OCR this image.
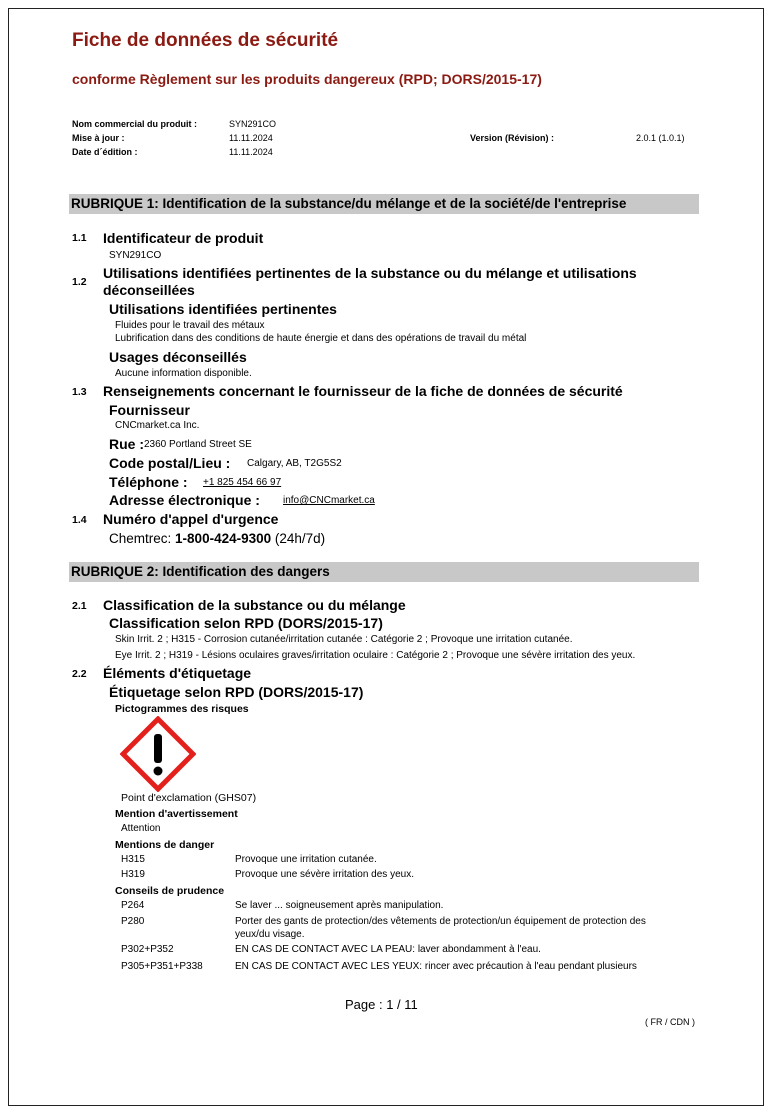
Fiche de données de sécurité
conforme Règlement sur les produits dangereux (RPD; DORS/2015-17)
Nom commercial du produit :	SYN291CO
Mise à jour :	11.11.2024
Date d´édition :	11.11.2024
Version (Révision) :	2.0.1 (1.0.1)
RUBRIQUE 1: Identification de la substance/du mélange et de la société/de l'entreprise
1.1 Identificateur de produit
SYN291CO
1.2
Utilisations identifiées pertinentes de la substance ou du mélange et utilisations
déconseillées
Utilisations identifiées pertinentes
Fluides pour le travail des métaux
Lubrification dans des conditions de haute énergie et dans des opérations de travail du métal
Usages déconseillés
Aucune information disponible.
1.3 Renseignements concernant le fournisseur de la fiche de données de sécurité
Fournisseur
CNCmarket.ca Inc.
Rue : 2360 Portland Street SE
Code postal/Lieu : Calgary, AB, T2G5S2
Téléphone : +1 825 454 66 97
Adresse électronique : info@CNCmarket.ca
1.4 Numéro d'appel d'urgence
Chemtrec: 1-800-424-9300 (24h/7d)
RUBRIQUE 2: Identification des dangers
2.1 Classification de la substance ou du mélange
Classification selon RPD (DORS/2015-17)
Skin Irrit. 2 ; H315 - Corrosion cutanée/irritation cutanée : Catégorie 2 ; Provoque une irritation cutanée.
Eye Irrit. 2 ; H319 - Lésions oculaires graves/irritation oculaire : Catégorie 2 ; Provoque une sévère irritation des yeux.
2.2 Éléments d'étiquetage
Étiquetage selon RPD (DORS/2015-17)
Pictogrammes des risques
Point d'exclamation (GHS07)
Mention d'avertissement
Attention
Mentions de danger
H315	Provoque une irritation cutanée.
H319	Provoque une sévère irritation des yeux.
Conseils de prudence
P264	Se laver ... soigneusement après manipulation.
P280	Porter des gants de protection/des vêtements de protection/un équipement de protection des
yeux/du visage.
P302+P352	EN CAS DE CONTACT AVEC LA PEAU: laver abondamment à l'eau.
P305+P351+P338	EN CAS DE CONTACT AVEC LES YEUX: rincer avec précaution à l'eau pendant plusieurs
Page : 1 / 11
( FR / CDN )
